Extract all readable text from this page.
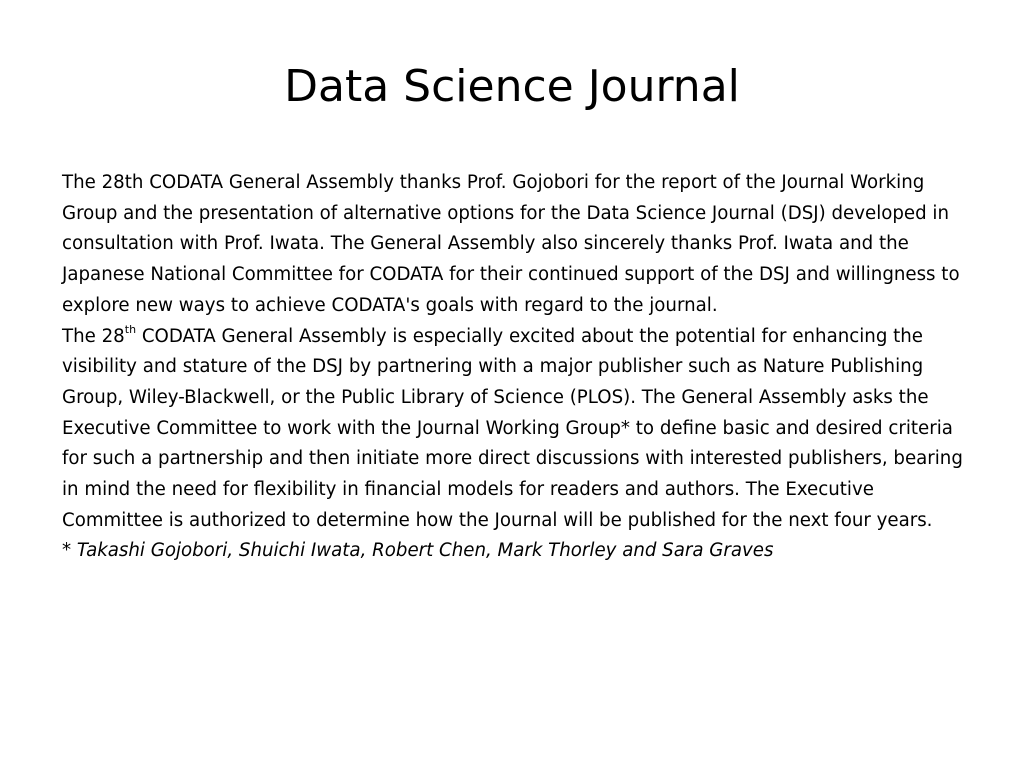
Data Science Journal

The 28th CODATA General Assembly thanks Prof. Gojobori for the report of the Journal Working Group and the presentation of alternative options for the Data Science Journal (DSJ) developed in consultation with Prof. Iwata. The General Assembly also sincerely thanks Prof. Iwata and the Japanese National Committee for CODATA for their continued support of the DSJ and willingness to explore new ways to achieve CODATA's goals with regard to the journal.

The 28th CODATA General Assembly is especially excited about the potential for enhancing the visibility and stature of the DSJ by partnering with a major publisher such as Nature Publishing Group, Wiley-Blackwell, or the Public Library of Science (PLOS). The General Assembly asks the Executive Committee to work with the Journal Working Group* to define basic and desired criteria for such a partnership and then initiate more direct discussions with interested publishers, bearing in mind the need for flexibility in financial models for readers and authors. The Executive Committee is authorized to determine how the Journal will be published for the next four years.

* Takashi Gojobori, Shuichi Iwata, Robert Chen, Mark Thorley and Sara Graves
